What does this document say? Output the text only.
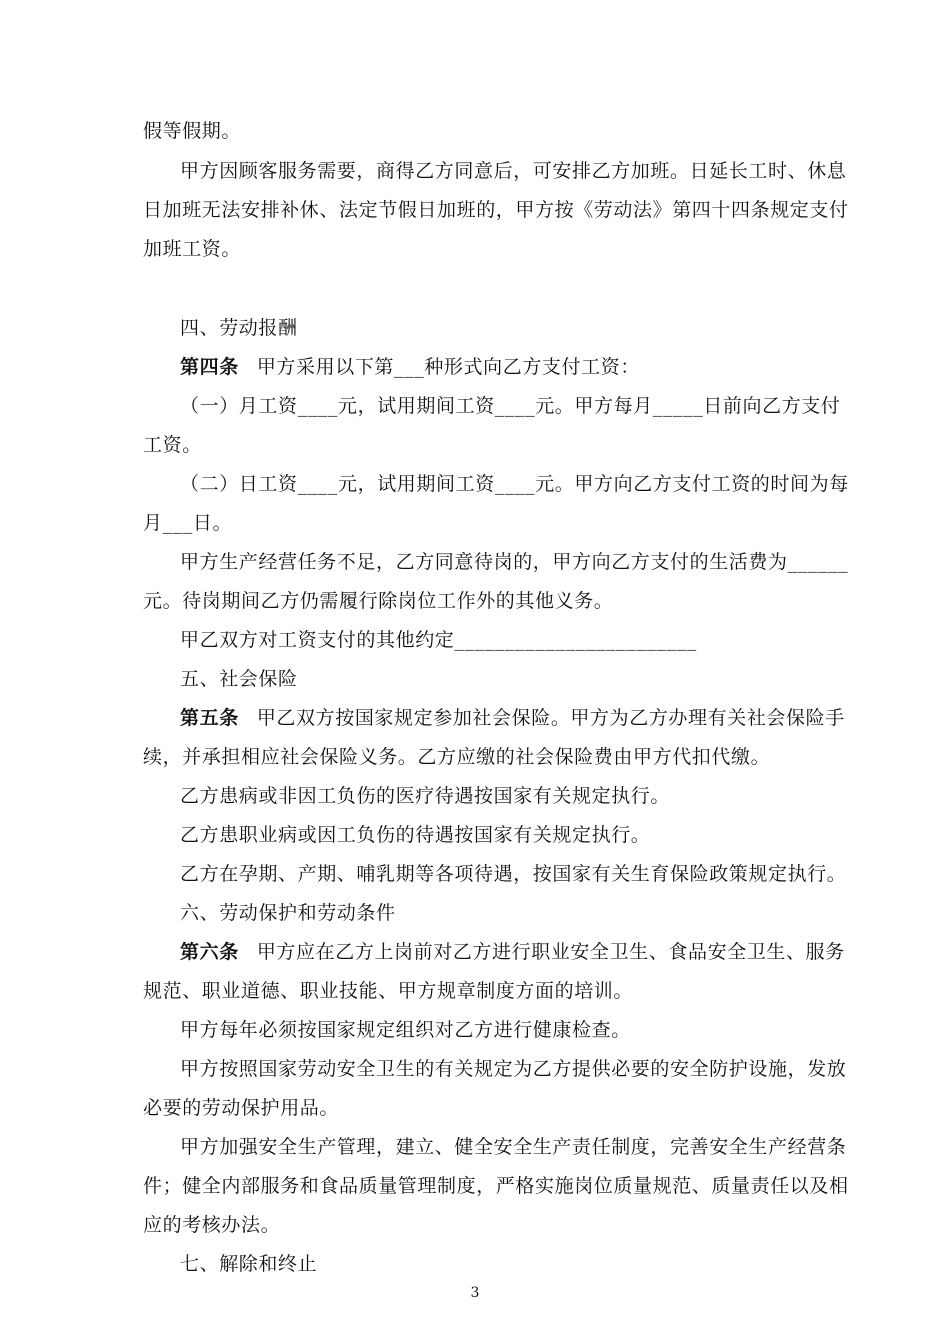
假等假期。
甲方因顾客服务需要，商得乙方同意后，可安排乙方加班。日延长工时、休息
日加班无法安排补休、法定节假日加班的，甲方按《劳动法》第四十四条规定支付
加班工资。
四、劳动报酬
第四条 甲方采用以下第___种形式向乙方支付工资：
（一）月工资____元，试用期间工资____元。甲方每月_____日前向乙方支付
工资。
（二）日工资____元，试用期间工资____元。甲方向乙方支付工资的时间为每
月___日。
甲方生产经营任务不足，乙方同意待岗的，甲方向乙方支付的生活费为______
元。待岗期间乙方仍需履行除岗位工作外的其他义务。
甲乙双方对工资支付的其他约定________________________
五、社会保险
第五条 甲乙双方按国家规定参加社会保险。甲方为乙方办理有关社会保险手
续，并承担相应社会保险义务。乙方应缴的社会保险费由甲方代扣代缴。
乙方患病或非因工负伤的医疗待遇按国家有关规定执行。
乙方患职业病或因工负伤的待遇按国家有关规定执行。
乙方在孕期、产期、哺乳期等各项待遇，按国家有关生育保险政策规定执行。
六、劳动保护和劳动条件
第六条 甲方应在乙方上岗前对乙方进行职业安全卫生、食品安全卫生、服务
规范、职业道德、职业技能、甲方规章制度方面的培训。
甲方每年必须按国家规定组织对乙方进行健康检查。
甲方按照国家劳动安全卫生的有关规定为乙方提供必要的安全防护设施，发放
必要的劳动保护用品。
甲方加强安全生产管理，建立、健全安全生产责任制度，完善安全生产经营条
件；健全内部服务和食品质量管理制度，严格实施岗位质量规范、质量责任以及相
应的考核办法。
七、解除和终止
3
